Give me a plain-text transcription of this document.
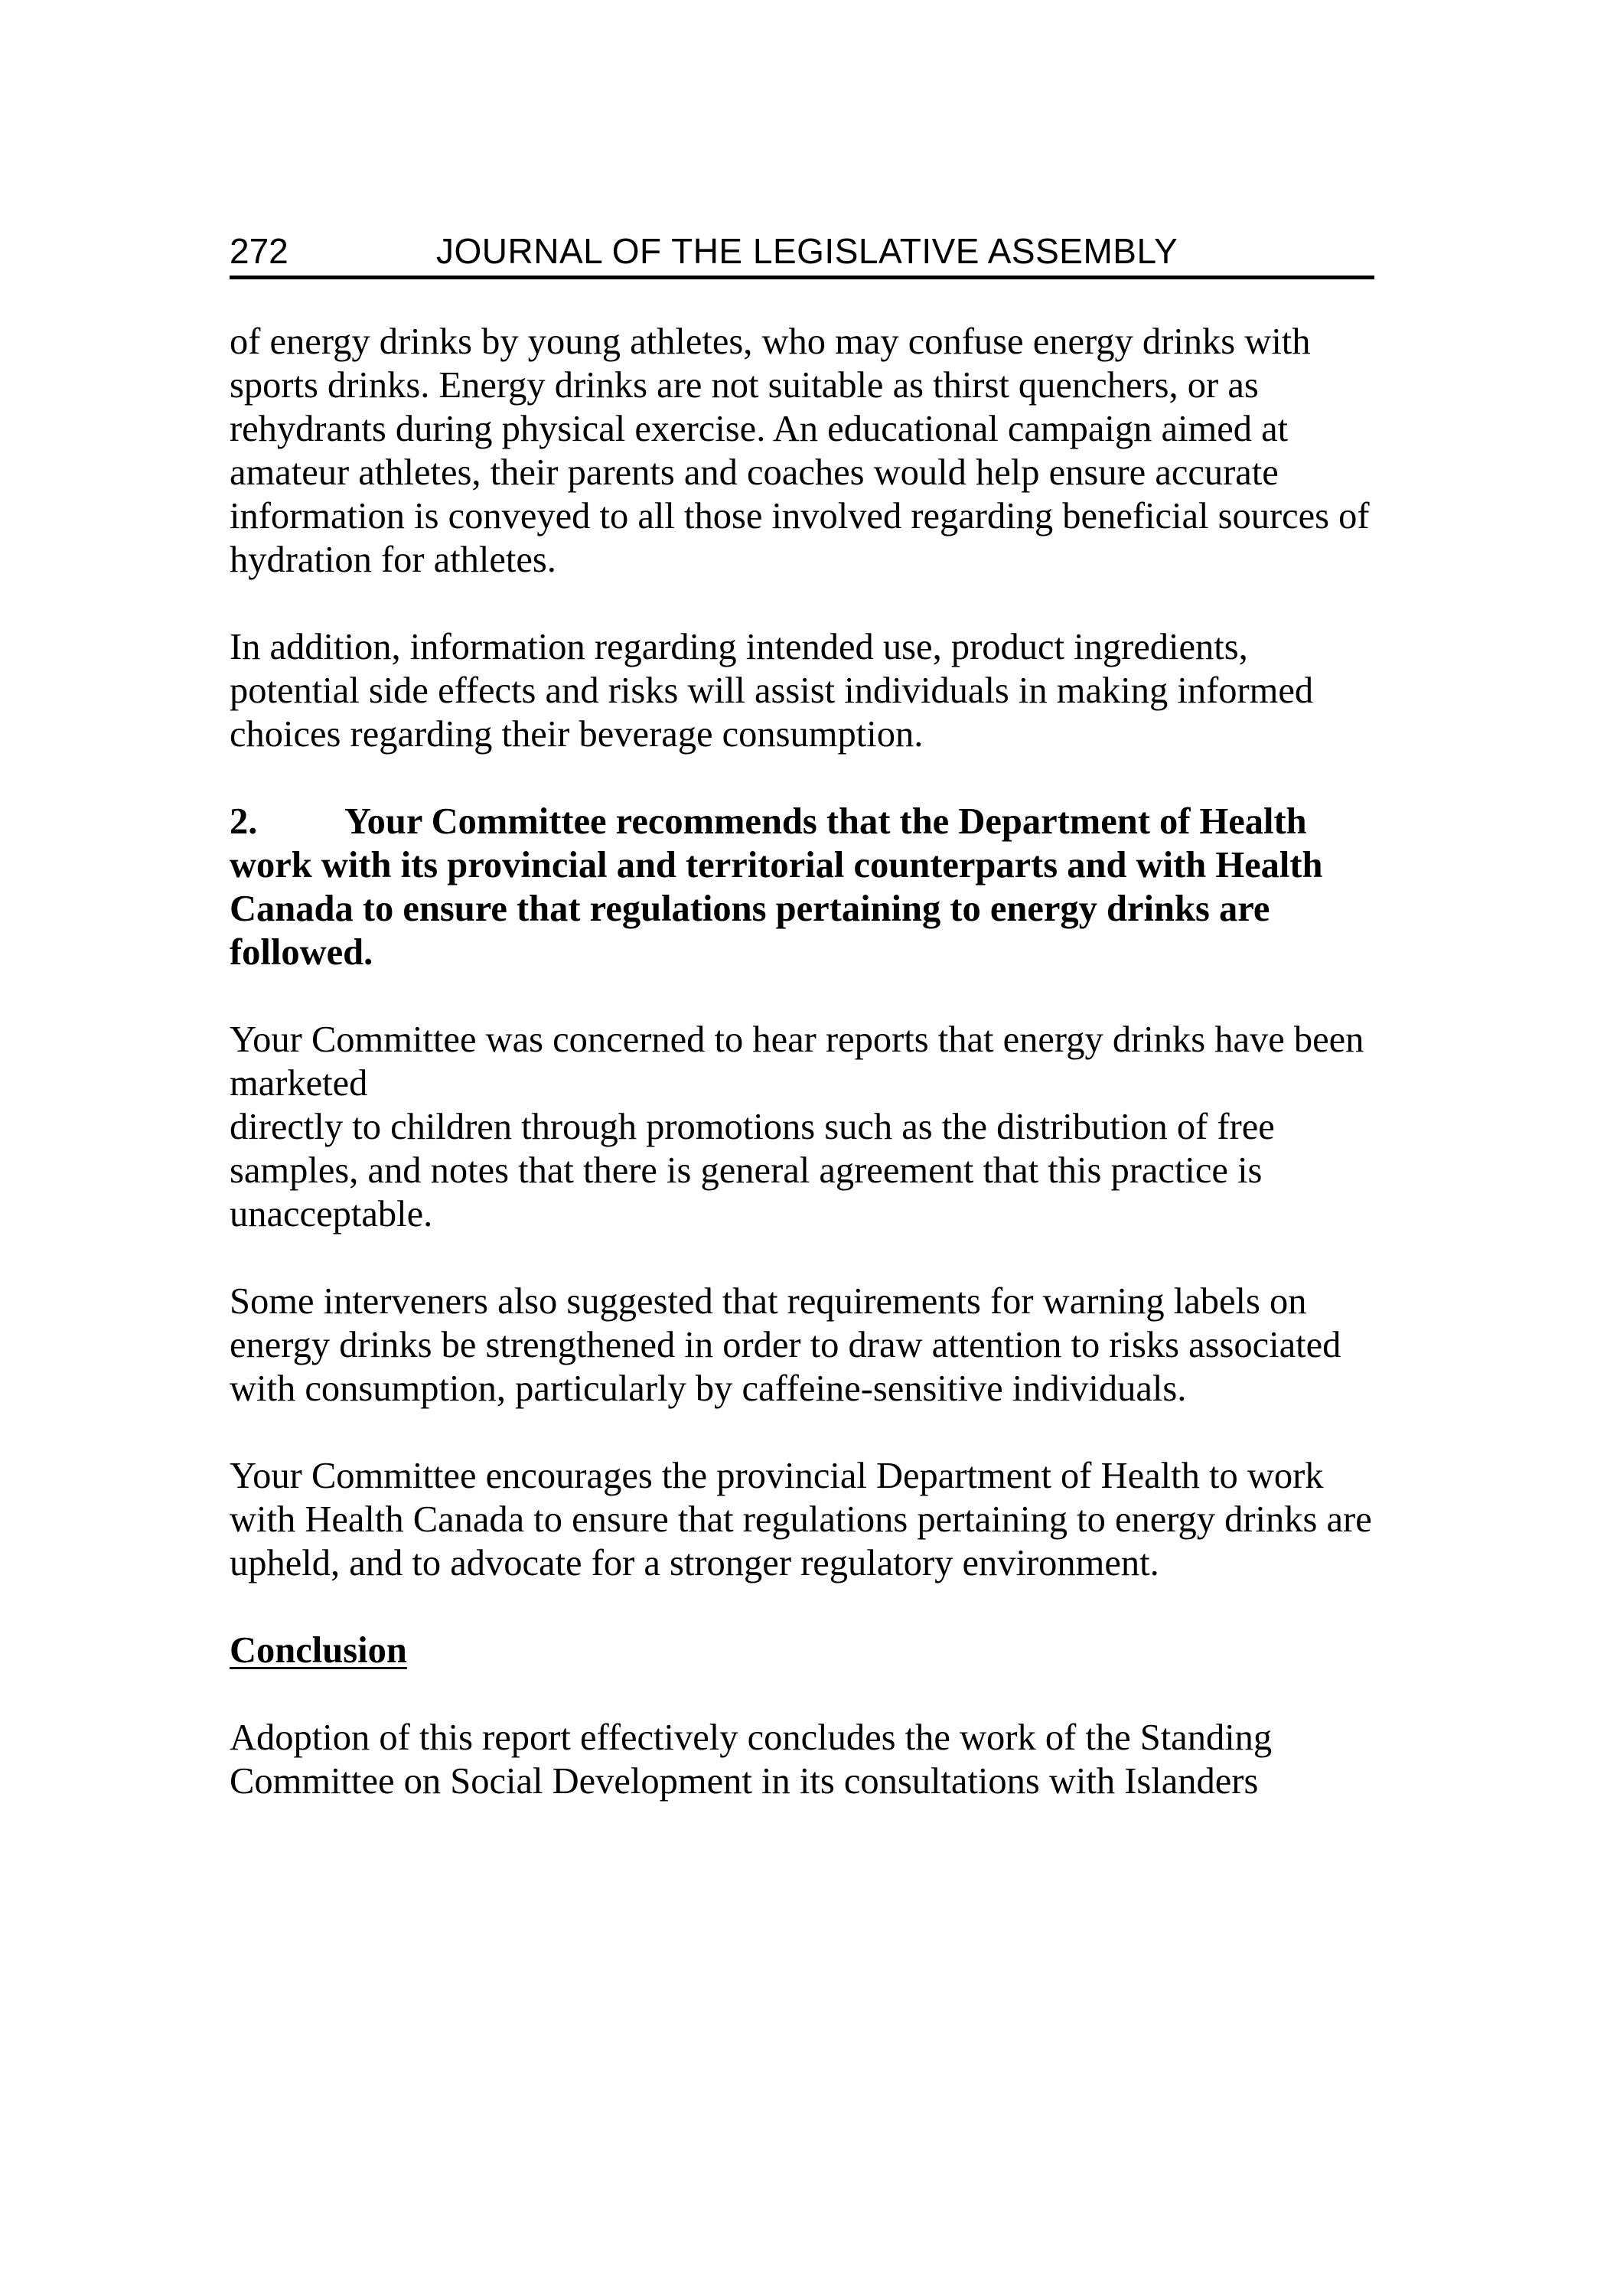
272	JOURNAL OF THE LEGISLATIVE ASSEMBLY

of energy drinks by young athletes, who may confuse energy drinks with sports drinks. Energy drinks are not suitable as thirst quenchers, or as rehydrants during physical exercise. An educational campaign aimed at amateur athletes, their parents and coaches would help ensure accurate information is conveyed to all those involved regarding beneficial sources of hydration for athletes.

In addition, information regarding intended use, product ingredients, potential side effects and risks will assist individuals in making informed choices regarding their beverage consumption.

2. Your Committee recommends that the Department of Health work with its provincial and territorial counterparts and with Health Canada to ensure that regulations pertaining to energy drinks are followed.

Your Committee was concerned to hear reports that energy drinks have been marketed
directly to children through promotions such as the distribution of free samples, and notes that there is general agreement that this practice is unacceptable.

Some interveners also suggested that requirements for warning labels on energy drinks be strengthened in order to draw attention to risks associated with consumption, particularly by caffeine-sensitive individuals.

Your Committee encourages the provincial Department of Health to work with Health Canada to ensure that regulations pertaining to energy drinks are upheld, and to advocate for a stronger regulatory environment.

Conclusion

Adoption of this report effectively concludes the work of the Standing Committee on Social Development in its consultations with Islanders
